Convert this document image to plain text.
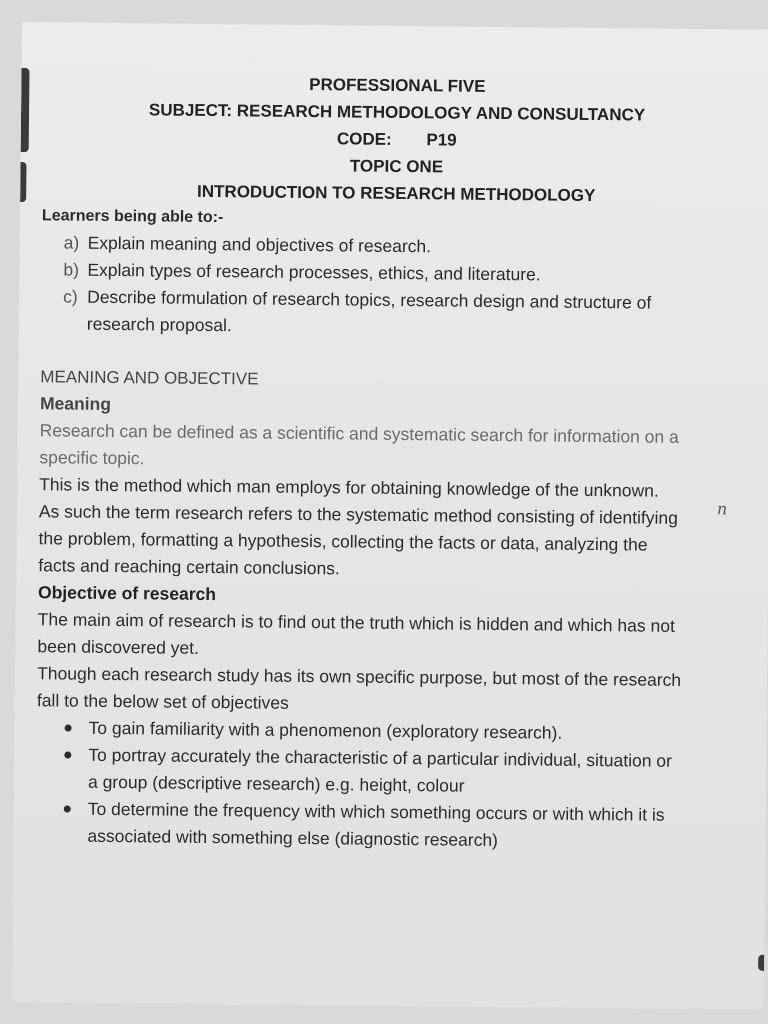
PROFESSIONAL FIVE
SUBJECT: RESEARCH METHODOLOGY AND CONSULTANCY
CODE: P19
TOPIC ONE
INTRODUCTION TO RESEARCH METHODOLOGY
Learners being able to:-
a) Explain meaning and objectives of research.
b) Explain types of research processes, ethics, and literature.
c) Describe formulation of research topics, research design and structure of research proposal.
MEANING AND OBJECTIVE
Meaning

Research can be defined as a scientific and systematic search for information on a specific topic.

This is the method which man employs for obtaining knowledge of the unknown.

As such the term research refers to the systematic method consisting of identifying the problem, formatting a hypothesis, collecting the facts or data, analyzing the facts and reaching certain conclusions.

Objective of research

The main aim of research is to find out the truth which is hidden and which has not been discovered yet.

Though each research study has its own specific purpose, but most of the research fall to the below set of objectives

To gain familiarity with a phenomenon (exploratory research).
To portray accurately the characteristic of a particular individual, situation or a group (descriptive research) e.g. height, colour
To determine the frequency with which something occurs or with which it is associated with something else (diagnostic research)
n
